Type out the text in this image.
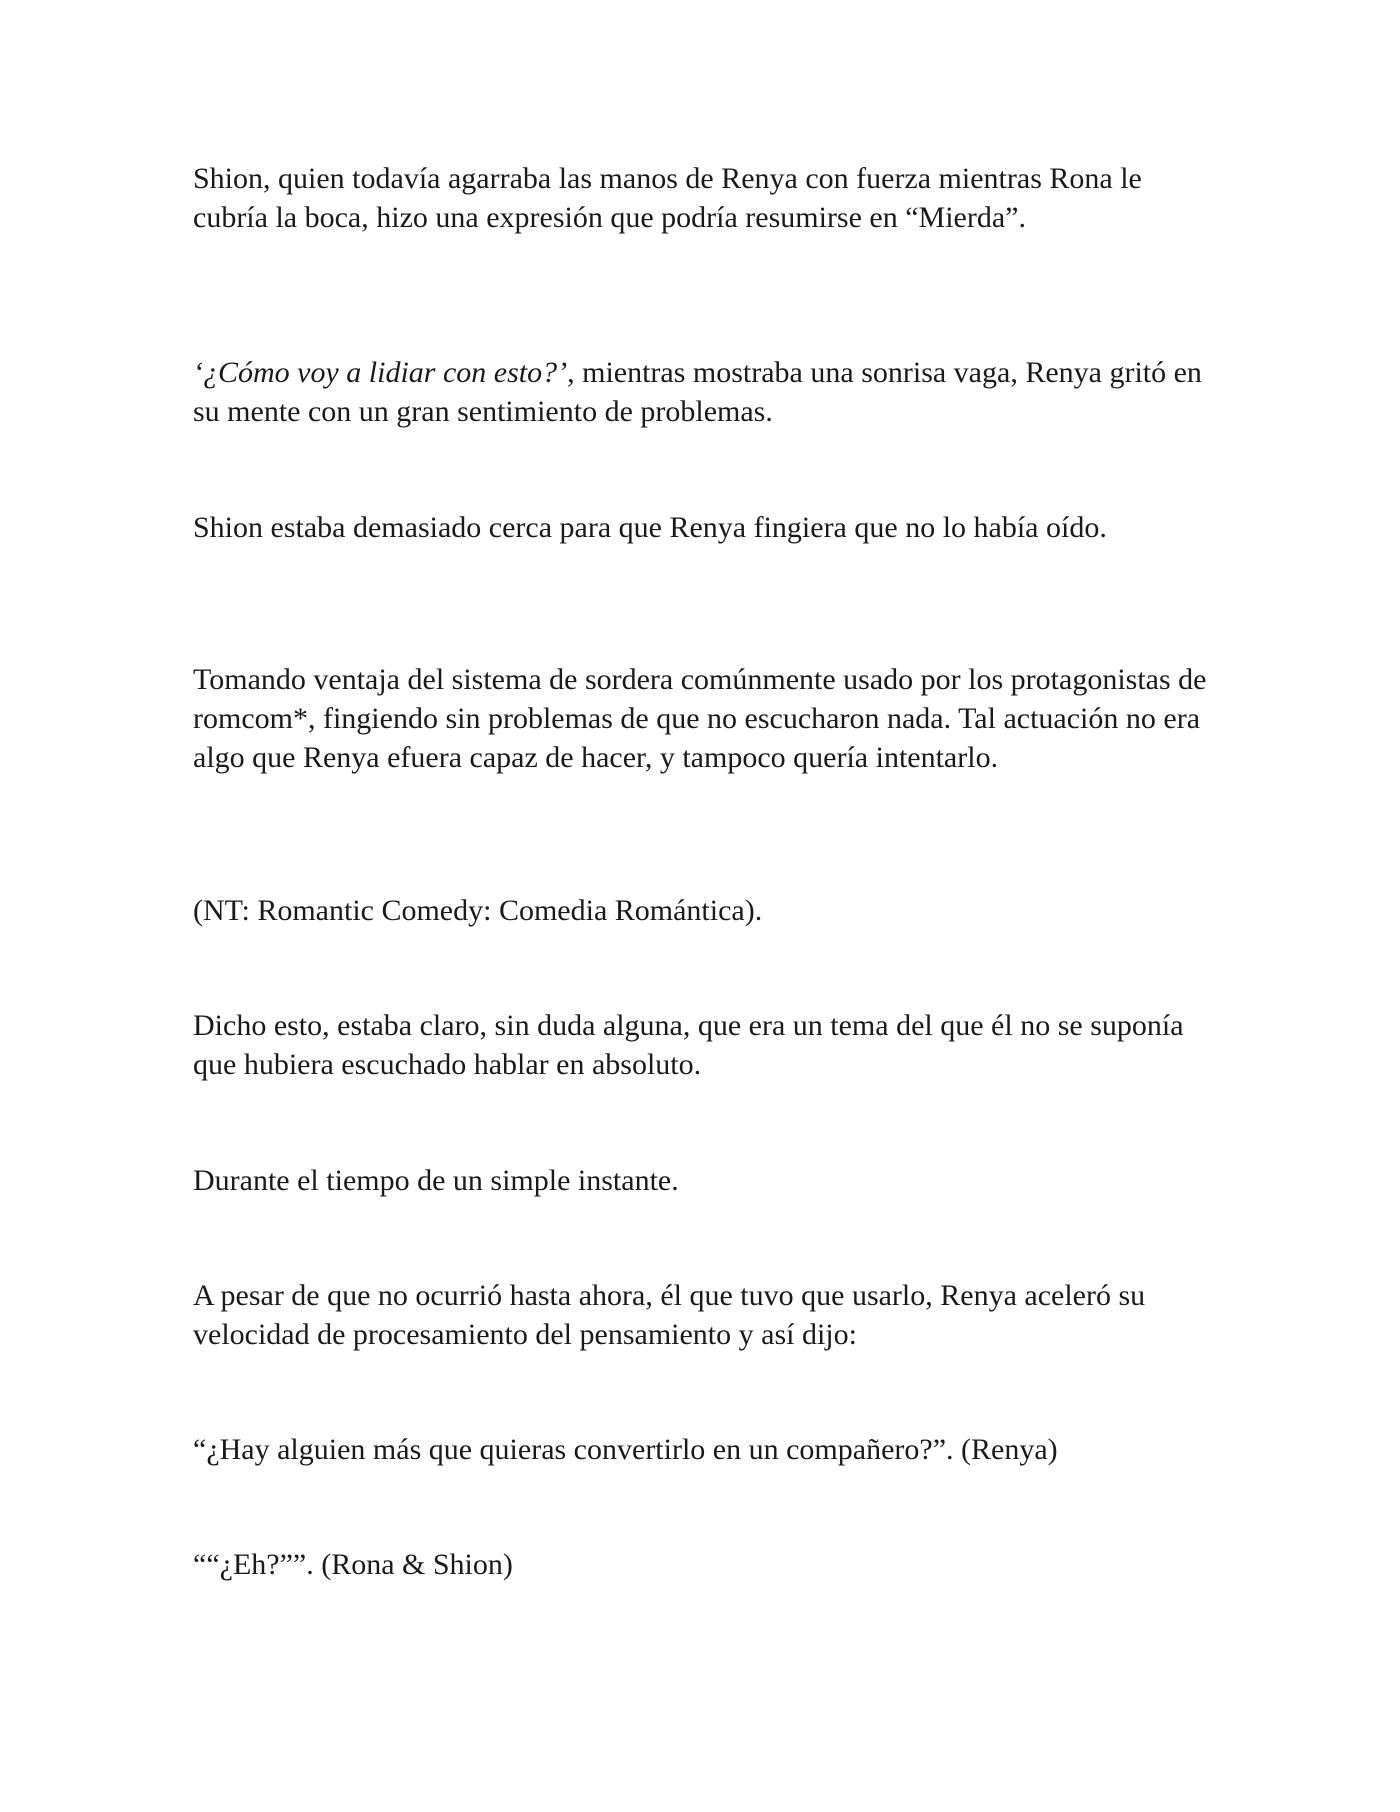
Shion, quien todavía agarraba las manos de Renya con fuerza mientras Rona le cubría la boca, hizo una expresión que podría resumirse en “Mierda”.

‘¿Cómo voy a lidiar con esto?’, mientras mostraba una sonrisa vaga, Renya gritó en su mente con un gran sentimiento de problemas.

Shion estaba demasiado cerca para que Renya fingiera que no lo había oído.

Tomando ventaja del sistema de sordera comúnmente usado por los protagonistas de romcom*, fingiendo sin problemas de que no escucharon nada. Tal actuación no era algo que Renya efuera capaz de hacer, y tampoco quería intentarlo.

(NT: Romantic Comedy: Comedia Romántica).

Dicho esto, estaba claro, sin duda alguna, que era un tema del que él no se suponía que hubiera escuchado hablar en absoluto.

Durante el tiempo de un simple instante.

A pesar de que no ocurrió hasta ahora, él que tuvo que usarlo, Renya aceleró su velocidad de procesamiento del pensamiento y así dijo:

“¿Hay alguien más que quieras convertirlo en un compañero?”. (Renya)

““¿Eh?””. (Rona & Shion)
